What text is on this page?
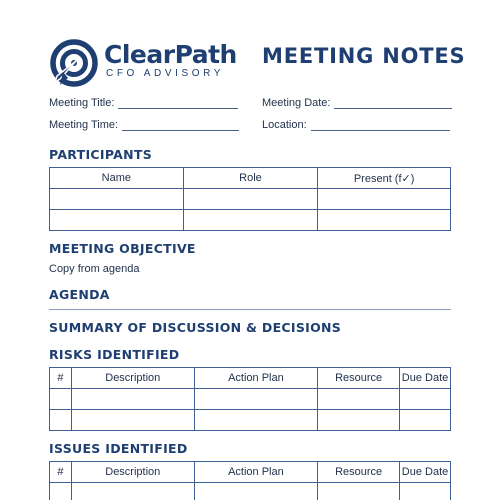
ClearPath
CFO ADVISORY
MEETING NOTES
Meeting Title:	Meeting Date:
Meeting Time:	Location:
PARTICIPANTS
Name	Role	Present (f✓)

MEETING OBJECTIVE
Copy from agenda
AGENDA
SUMMARY OF DISCUSSION & DECISIONS
RISKS IDENTIFIED
#	Description	Action Plan	Resource	Due Date

ISSUES IDENTIFIED
#	Description	Action Plan	Resource	Due Date
